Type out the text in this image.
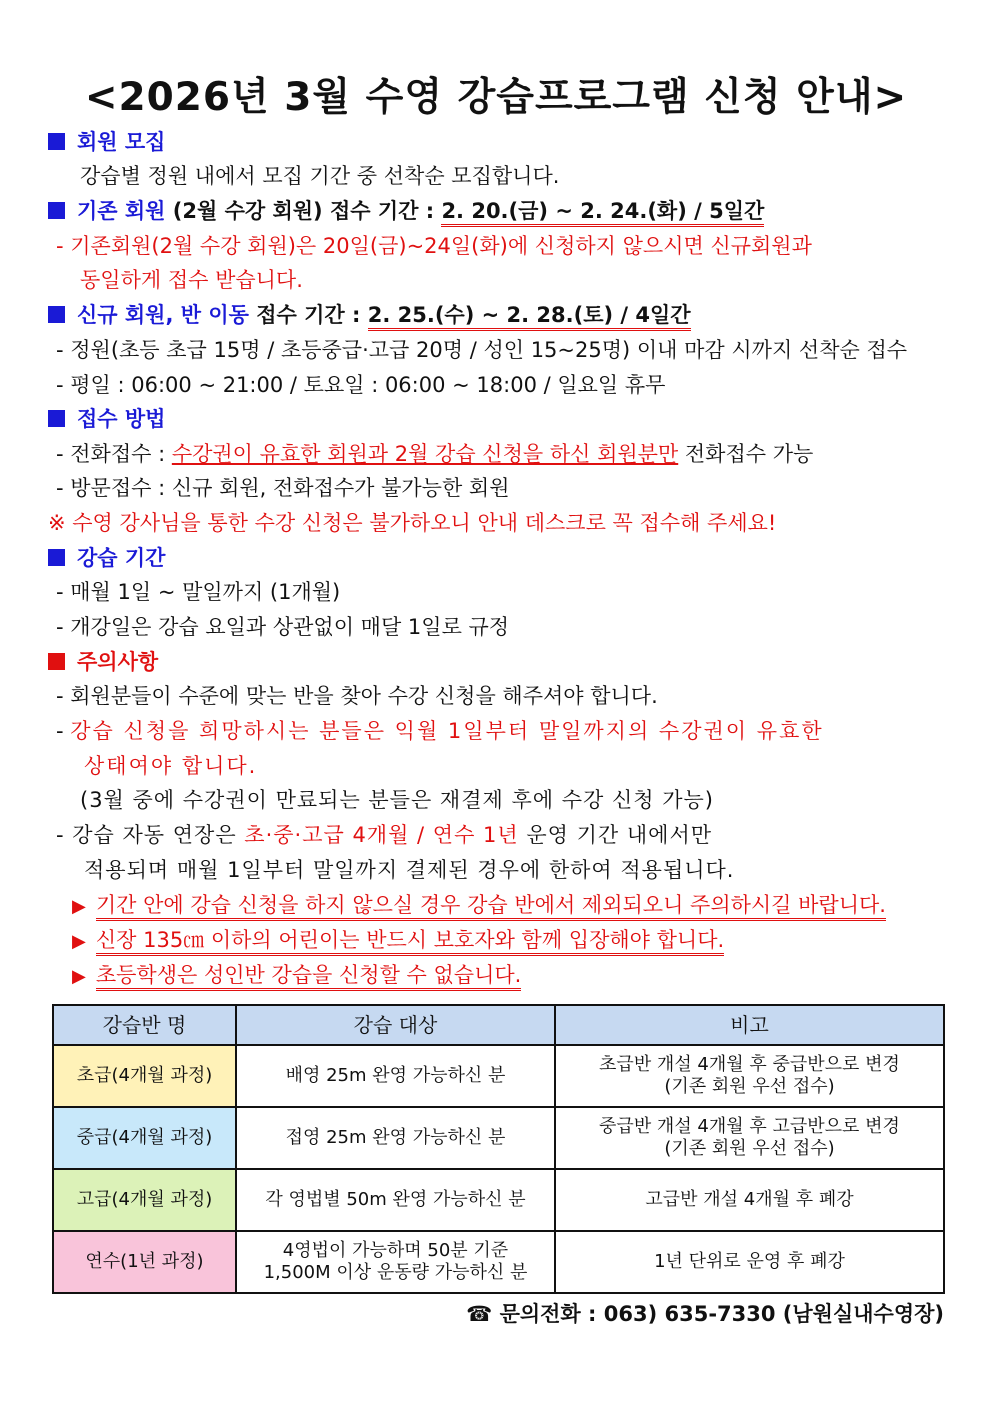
<2026년 3월 수영 강습프로그램 신청 안내>
회원 모집
강습별 정원 내에서 모집 기간 중 선착순 모집합니다.
기존 회원 (2월 수강 회원) 접수 기간 : 2. 20.(금) ~ 2. 24.(화) / 5일간
- 기존회원(2월 수강 회원)은 20일(금)~24일(화)에 신청하지 않으시면 신규회원과
동일하게 접수 받습니다.
신규 회원, 반 이동 접수 기간 : 2. 25.(수) ~ 2. 28.(토) / 4일간
- 정원(초등 초급 15명 / 초등중급·고급 20명 / 성인 15~25명) 이내 마감 시까지 선착순 접수
- 평일 : 06:00 ~ 21:00 / 토요일 : 06:00 ~ 18:00 / 일요일 휴무
접수 방법
- 전화접수 : 수강권이 유효한 회원과 2월 강습 신청을 하신 회원분만 전화접수 가능
- 방문접수 : 신규 회원, 전화접수가 불가능한 회원
※ 수영 강사님을 통한 수강 신청은 불가하오니 안내 데스크로 꼭 접수해 주세요!
강습 기간
- 매월 1일 ~ 말일까지 (1개월)
- 개강일은 강습 요일과 상관없이 매달 1일로 규정
주의사항
- 회원분들이 수준에 맞는 반을 찾아 수강 신청을 해주셔야 합니다.
- 강습 신청을 희망하시는 분들은 익월 1일부터 말일까지의 수강권이 유효한
상태여야 합니다.
(3월 중에 수강권이 만료되는 분들은 재결제 후에 수강 신청 가능)
- 강습 자동 연장은 초·중·고급 4개월 / 연수 1년 운영 기간 내에서만
적용되며 매월 1일부터 말일까지 결제된 경우에 한하여 적용됩니다.
▶ 기간 안에 강습 신청을 하지 않으실 경우 강습 반에서 제외되오니 주의하시길 바랍니다.
▶ 신장 135㎝ 이하의 어린이는 반드시 보호자와 함께 입장해야 합니다.
▶ 초등학생은 성인반 강습을 신청할 수 없습니다.
강습반 명	강습 대상	비고
초급(4개월 과정)	배영 25m 완영 가능하신 분	초급반 개설 4개월 후 중급반으로 변경
(기존 회원 우선 접수)

중급(4개월 과정)	접영 25m 완영 가능하신 분	중급반 개설 4개월 후 고급반으로 변경
(기존 회원 우선 접수)

고급(4개월 과정)	각 영법별 50m 완영 가능하신 분	고급반 개설 4개월 후 폐강
연수(1년 과정)	4영법이 가능하며 50분 기준
1,500M 이상 운동량 가능하신 분	1년 단위로 운영 후 폐강
☎ 문의전화 : 063) 635-7330 (남원실내수영장)
